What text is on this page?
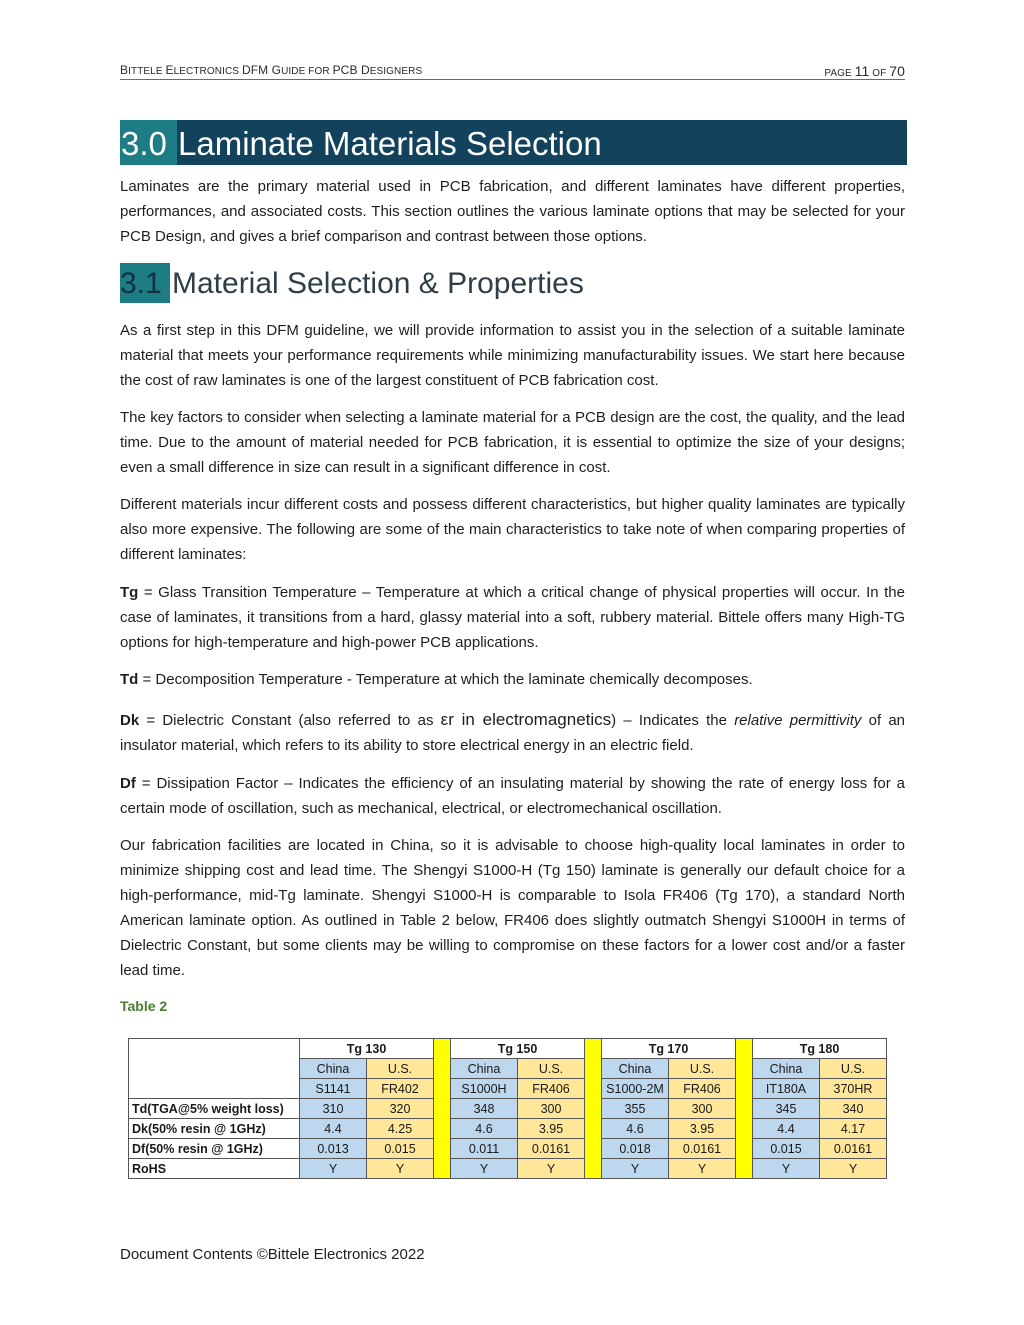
BITTELE ELECTRONICS DFM GUIDE FOR PCB DESIGNERS	PAGE 11 OF 70
3.0 Laminate Materials Selection
Laminates are the primary material used in PCB fabrication, and different laminates have different properties, performances, and associated costs. This section outlines the various laminate options that may be selected for your PCB Design, and gives a brief comparison and contrast between those options.
3.1 Material Selection & Properties
As a first step in this DFM guideline, we will provide information to assist you in the selection of a suitable laminate material that meets your performance requirements while minimizing manufacturability issues. We start here because the cost of raw laminates is one of the largest constituent of PCB fabrication cost.
The key factors to consider when selecting a laminate material for a PCB design are the cost, the quality, and the lead time. Due to the amount of material needed for PCB fabrication, it is essential to optimize the size of your designs; even a small difference in size can result in a significant difference in cost.
Different materials incur different costs and possess different characteristics, but higher quality laminates are typically also more expensive. The following are some of the main characteristics to take note of when comparing properties of different laminates:
Tg = Glass Transition Temperature – Temperature at which a critical change of physical properties will occur. In the case of laminates, it transitions from a hard, glassy material into a soft, rubbery material. Bittele offers many High-TG options for high-temperature and high-power PCB applications.
Td = Decomposition Temperature - Temperature at which the laminate chemically decomposes.
Dk = Dielectric Constant (also referred to as εr in electromagnetics) – Indicates the relative permittivity of an insulator material, which refers to its ability to store electrical energy in an electric field.
Df = Dissipation Factor – Indicates the efficiency of an insulating material by showing the rate of energy loss for a certain mode of oscillation, such as mechanical, electrical, or electromechanical oscillation.
Our fabrication facilities are located in China, so it is advisable to choose high-quality local laminates in order to minimize shipping cost and lead time. The Shengyi S1000-H (Tg 150) laminate is generally our default choice for a high-performance, mid-Tg laminate. Shengyi S1000-H is comparable to Isola FR406 (Tg 170), a standard North American laminate option. As outlined in Table 2 below, FR406 does slightly outmatch Shengyi S1000H in terms of Dielectric Constant, but some clients may be willing to compromise on these factors for a lower cost and/or a faster lead time.
Table 2
	Tg 130			Tg 150			Tg 170			Tg 180	
	China	U.S.		China	U.S.		China	U.S.		China	U.S.
	S1141	FR402		S1000H	FR406		S1000-2M	FR406		IT180A	370HR
Td(TGA@5% weight loss)	310	320		348	300		355	300		345	340
Dk(50% resin @ 1GHz)	4.4	4.25		4.6	3.95		4.6	3.95		4.4	4.17
Df(50% resin @ 1GHz)	0.013	0.015		0.011	0.0161		0.018	0.0161		0.015	0.0161
RoHS	Y	Y		Y	Y		Y	Y		Y	Y
Document Contents ©Bittele Electronics 2022
